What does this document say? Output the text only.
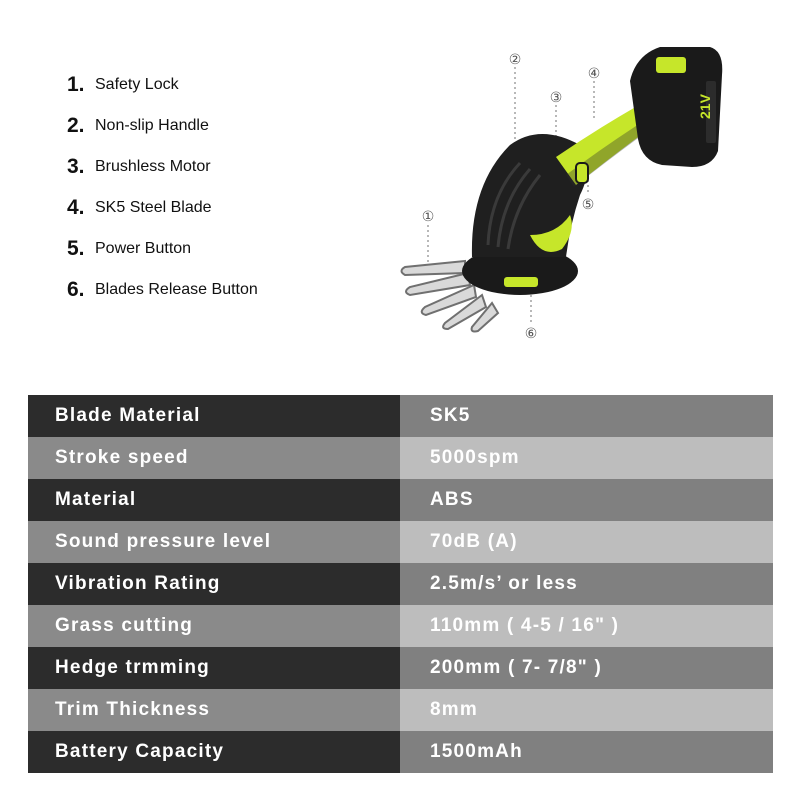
1. Safety Lock
2. Non-slip Handle
3. Brushless Motor
4. SK5 Steel Blade
5. Power Button
6. Blades Release Button
21V
①
②
③
④
⑤
⑥
Blade Material	SK5
Stroke speed	5000spm
Material	ABS
Sound pressure level	70dB (A)
Vibration Rating	2.5m/s’ or less
Grass cutting	110mm ( 4-5 / 16" )
Hedge trmming	200mm ( 7- 7/8" )
Trim Thickness	8mm
Battery Capacity	1500mAh
